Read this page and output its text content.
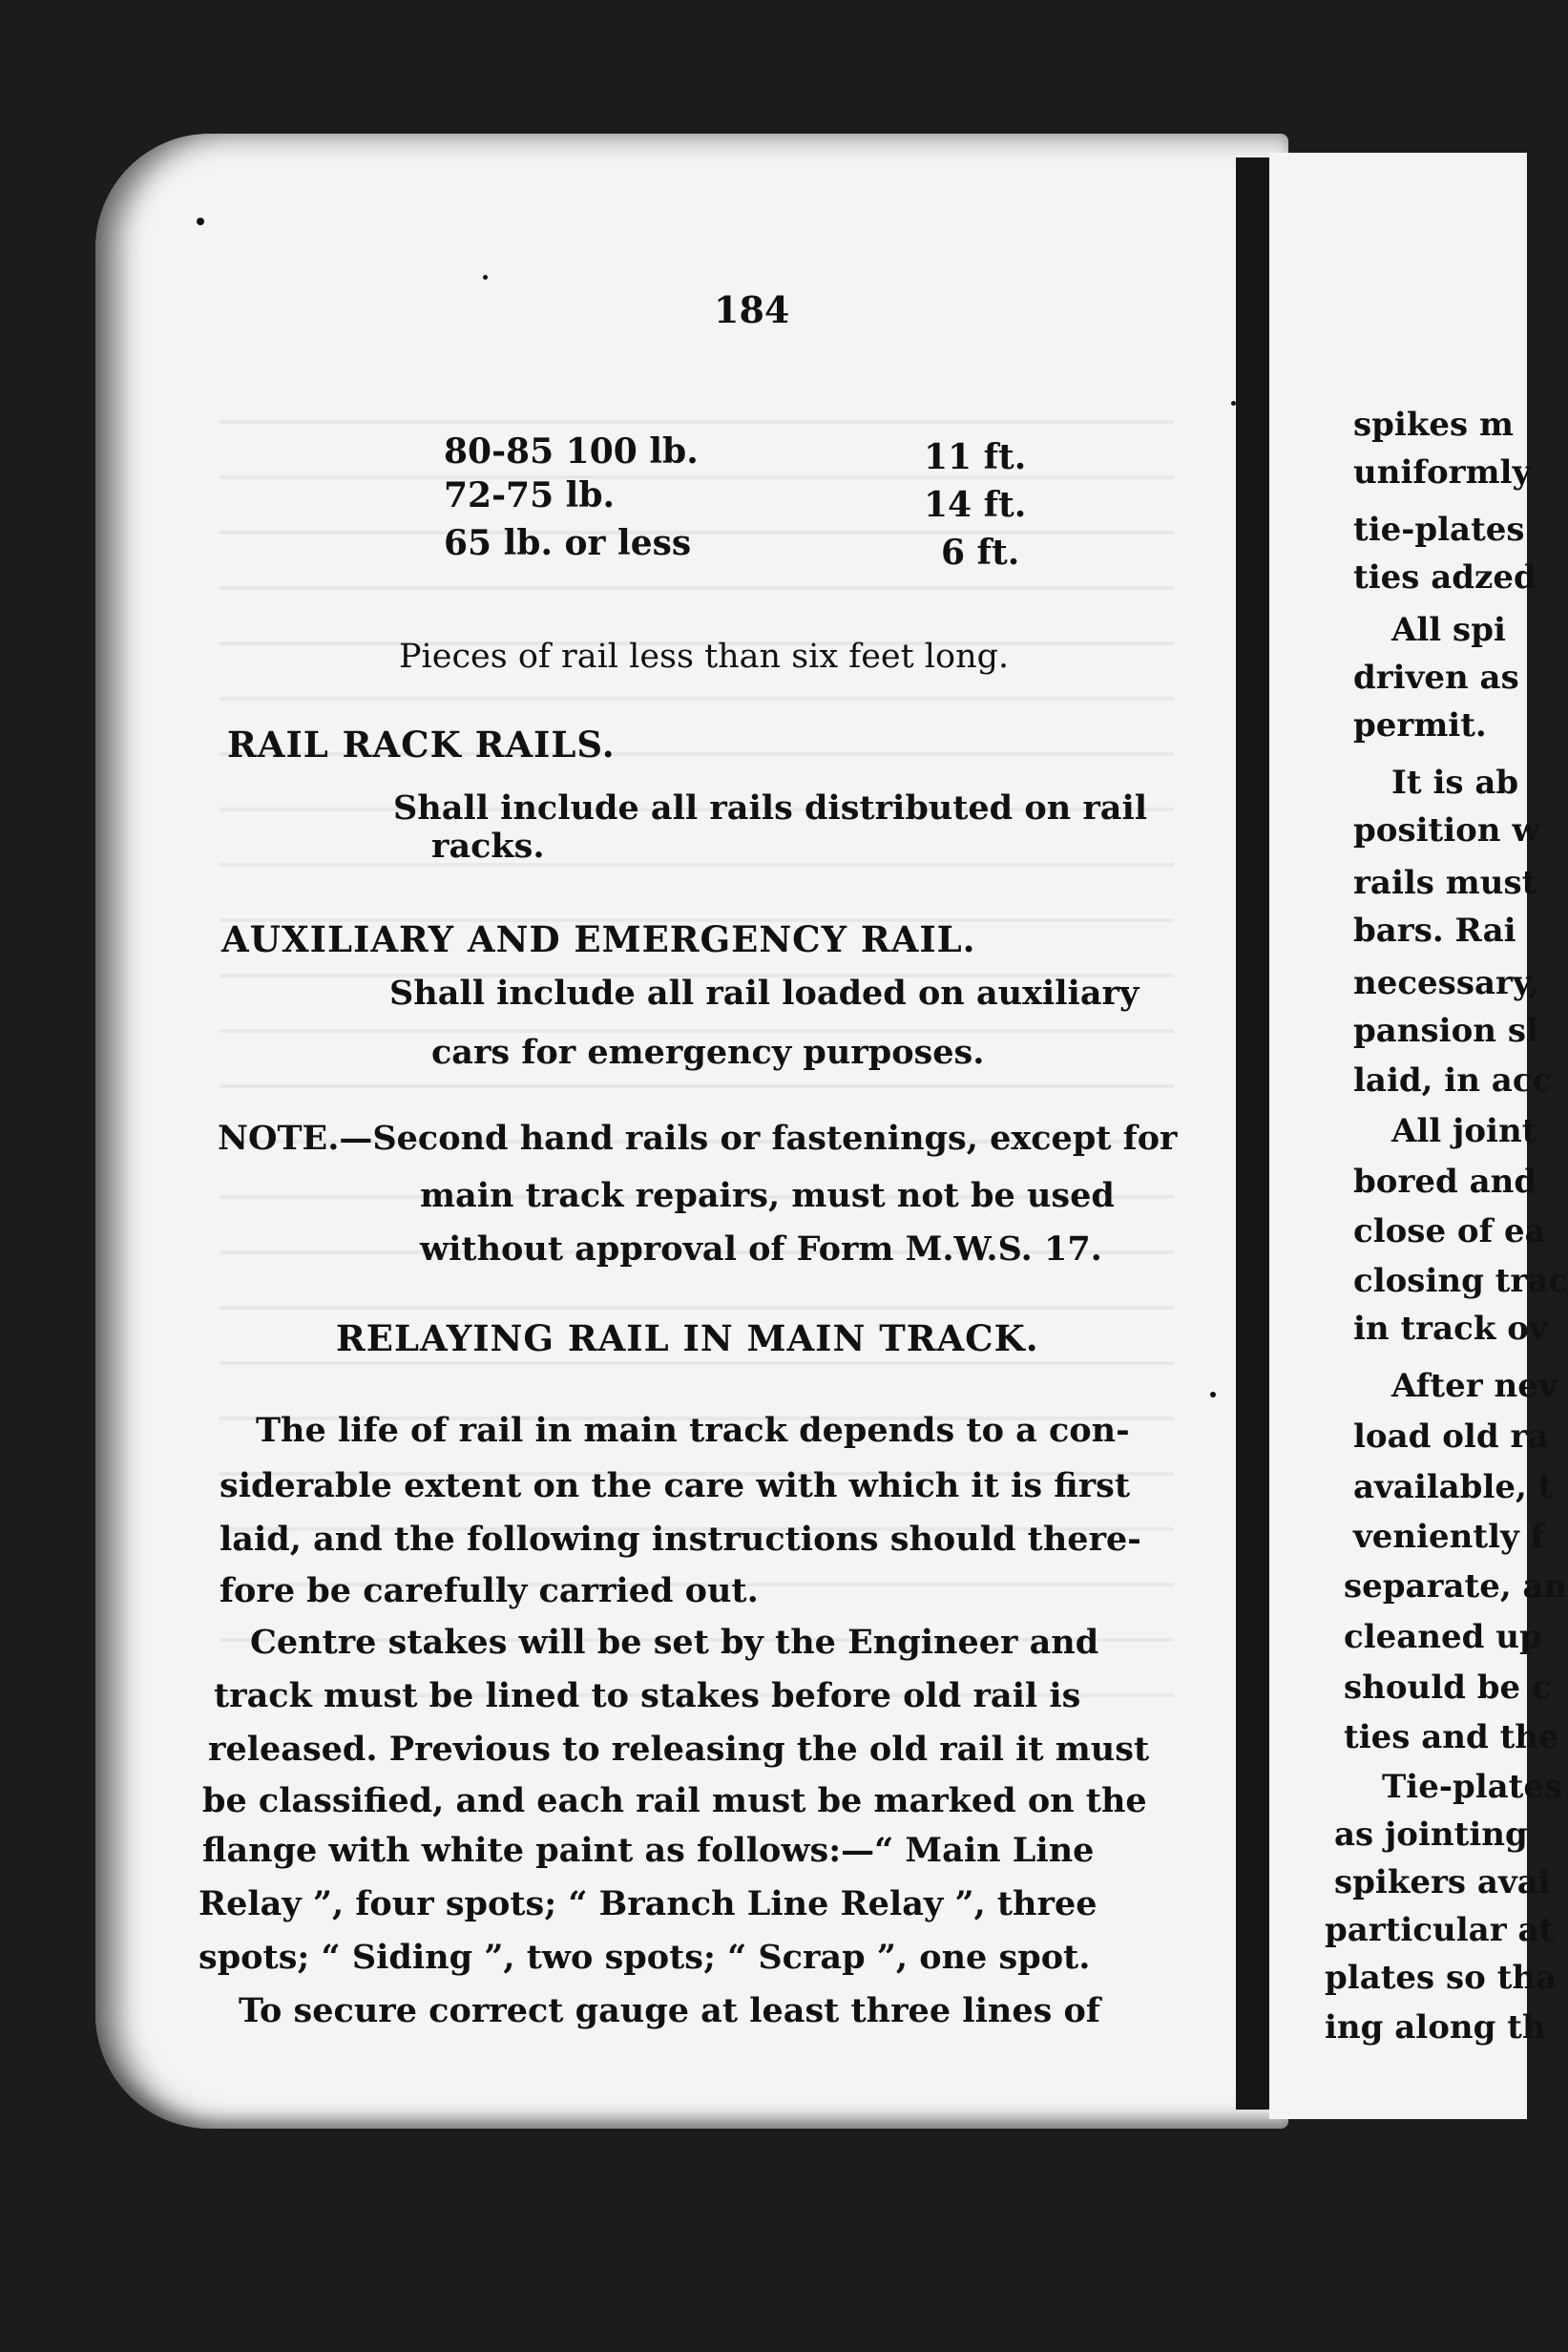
184
80-85 100 lb.	11 ft.
72-75 lb.	14 ft.
65 lb. or less	6 ft.
Pieces of rail less than six feet long.
RAIL RACK RAILS.
Shall include all rails distributed on rail
racks.
AUXILIARY AND EMERGENCY RAIL.
Shall include all rail loaded on auxiliary
cars for emergency purposes.
NOTE.—Second hand rails or fastenings, except for
main track repairs, must not be used
without approval of Form M.W.S. 17.
RELAYING RAIL IN MAIN TRACK.
The life of rail in main track depends to a con-
siderable extent on the care with which it is first
laid, and the following instructions should there-
fore be carefully carried out.
Centre stakes will be set by the Engineer and
track must be lined to stakes before old rail is
released. Previous to releasing the old rail it must
be classified, and each rail must be marked on the
flange with white paint as follows:—“ Main Line
Relay ”, four spots; “ Branch Line Relay ”, three
spots; “ Siding ”, two spots; “ Scrap ”, one spot.
To secure correct gauge at least three lines of
spikes m
uniformly
tie-plates
ties adzed
All spi
driven as
permit.
It is ab
position w
rails must
bars. Rai
necessary,
pansion sl
laid, in acc
All joint
bored and
close of ea
closing trac
in track ov
After nev
load old ra
available, t
veniently f
separate, an
cleaned up
should be c
ties and the
Tie-plates
as jointing
spikers avai
particular at
plates so tha
ing along th
